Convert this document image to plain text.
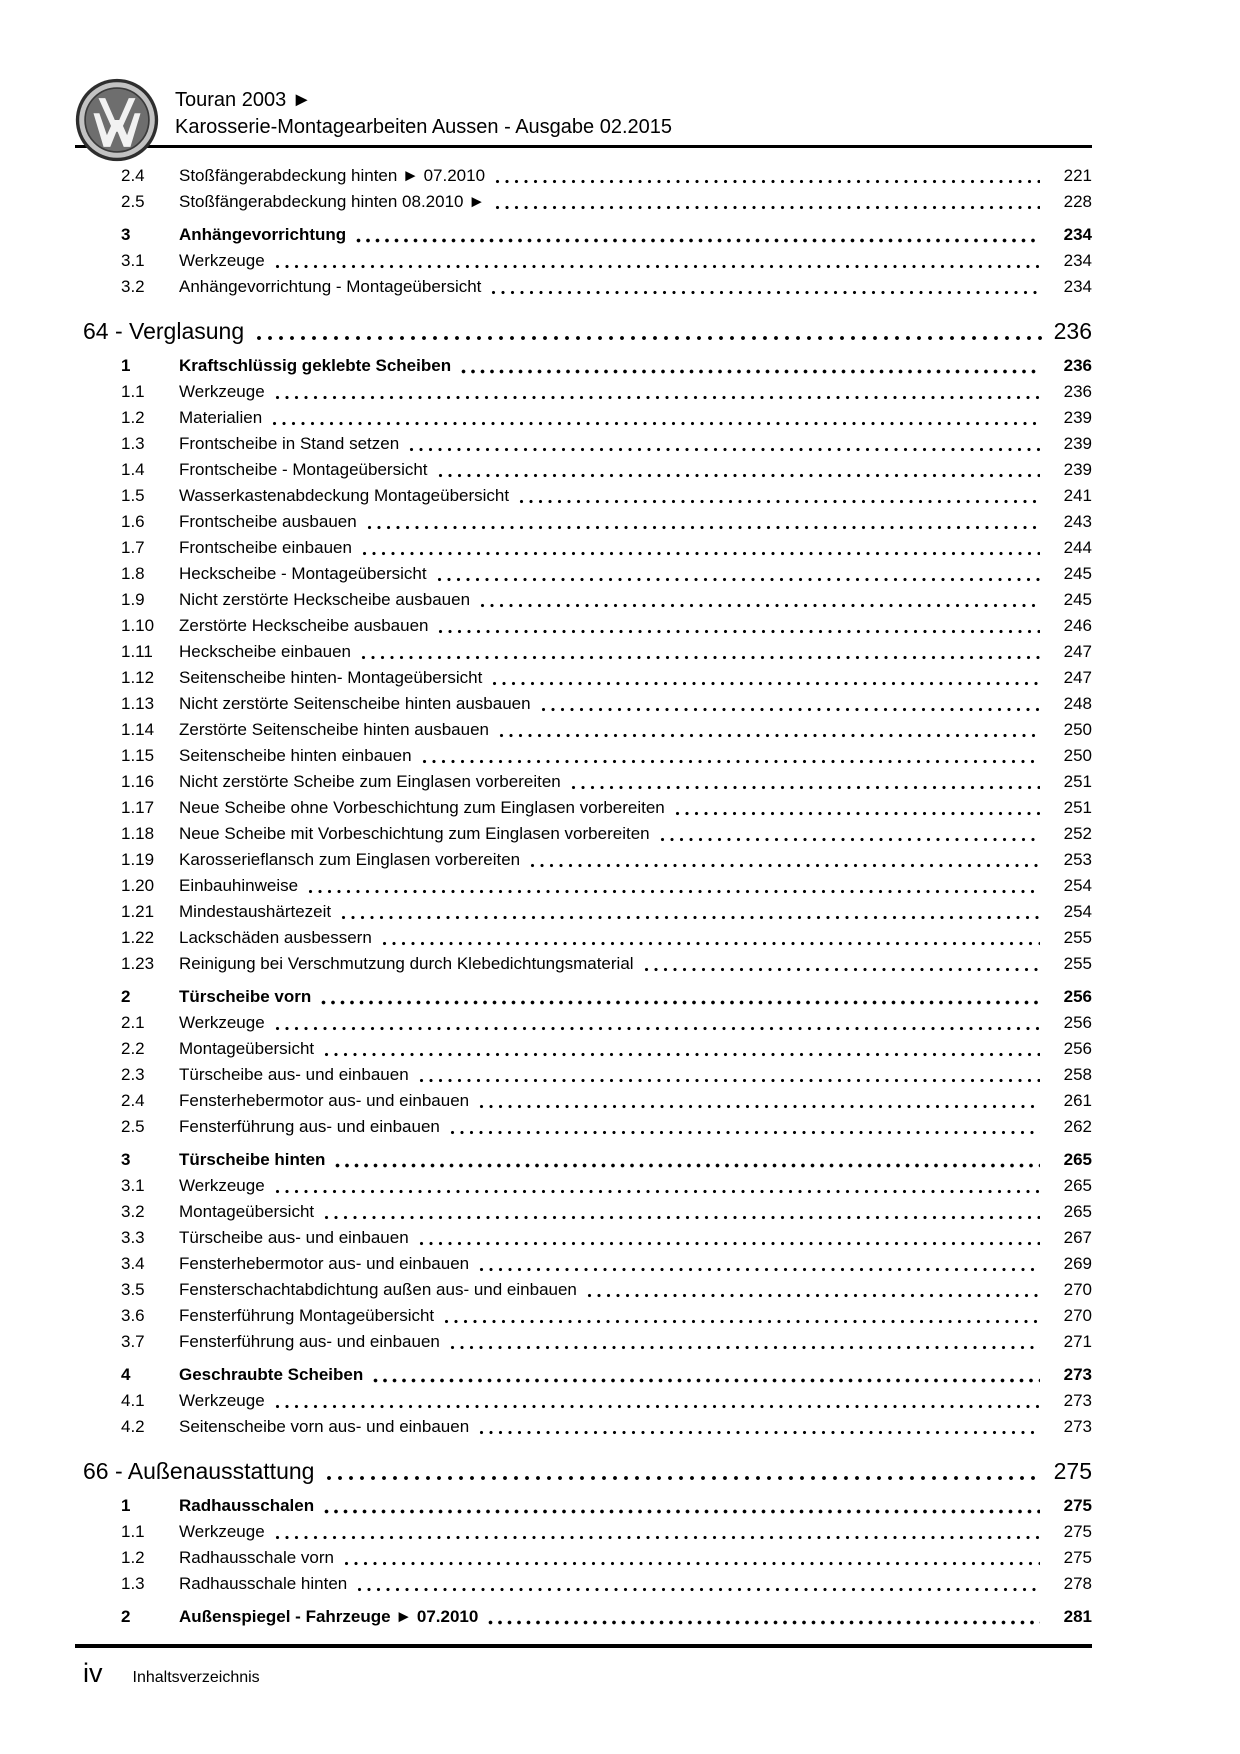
Touran 2003 ►
Karosserie-Montagearbeiten Aussen - Ausgabe 02.2015
2.4	Stoßfängerabdeckung hinten ► 07.2010	221
2.5	Stoßfängerabdeckung hinten 08.2010 ►	228
3	Anhängevorrichtung	234
3.1	Werkzeuge	234
3.2	Anhängevorrichtung - Montageübersicht	234
64 - Verglasung	236
1	Kraftschlüssig geklebte Scheiben	236
1.1	Werkzeuge	236
1.2	Materialien	239
1.3	Frontscheibe in Stand setzen	239
1.4	Frontscheibe - Montageübersicht	239
1.5	Wasserkastenabdeckung Montageübersicht	241
1.6	Frontscheibe ausbauen	243
1.7	Frontscheibe einbauen	244
1.8	Heckscheibe - Montageübersicht	245
1.9	Nicht zerstörte Heckscheibe ausbauen	245
1.10	Zerstörte Heckscheibe ausbauen	246
1.11	Heckscheibe einbauen	247
1.12	Seitenscheibe hinten- Montageübersicht	247
1.13	Nicht zerstörte Seitenscheibe hinten ausbauen	248
1.14	Zerstörte Seitenscheibe hinten ausbauen	250
1.15	Seitenscheibe hinten einbauen	250
1.16	Nicht zerstörte Scheibe zum Einglasen vorbereiten	251
1.17	Neue Scheibe ohne Vorbeschichtung zum Einglasen vorbereiten	251
1.18	Neue Scheibe mit Vorbeschichtung zum Einglasen vorbereiten	252
1.19	Karosserieflansch zum Einglasen vorbereiten	253
1.20	Einbauhinweise	254
1.21	Mindestaushärtezeit	254
1.22	Lackschäden ausbessern	255
1.23	Reinigung bei Verschmutzung durch Klebedichtungsmaterial	255
2	Türscheibe vorn	256
2.1	Werkzeuge	256
2.2	Montageübersicht	256
2.3	Türscheibe aus- und einbauen	258
2.4	Fensterhebermotor aus- und einbauen	261
2.5	Fensterführung aus- und einbauen	262
3	Türscheibe hinten	265
3.1	Werkzeuge	265
3.2	Montageübersicht	265
3.3	Türscheibe aus- und einbauen	267
3.4	Fensterhebermotor aus- und einbauen	269
3.5	Fensterschachtabdichtung außen aus- und einbauen	270
3.6	Fensterführung Montageübersicht	270
3.7	Fensterführung aus- und einbauen	271
4	Geschraubte Scheiben	273
4.1	Werkzeuge	273
4.2	Seitenscheibe vorn aus- und einbauen	273
66 - Außenausstattung	275
1	Radhausschalen	275
1.1	Werkzeuge	275
1.2	Radhausschale vorn	275
1.3	Radhausschale hinten	278
2	Außenspiegel - Fahrzeuge ► 07.2010	281
iv Inhaltsverzeichnis
